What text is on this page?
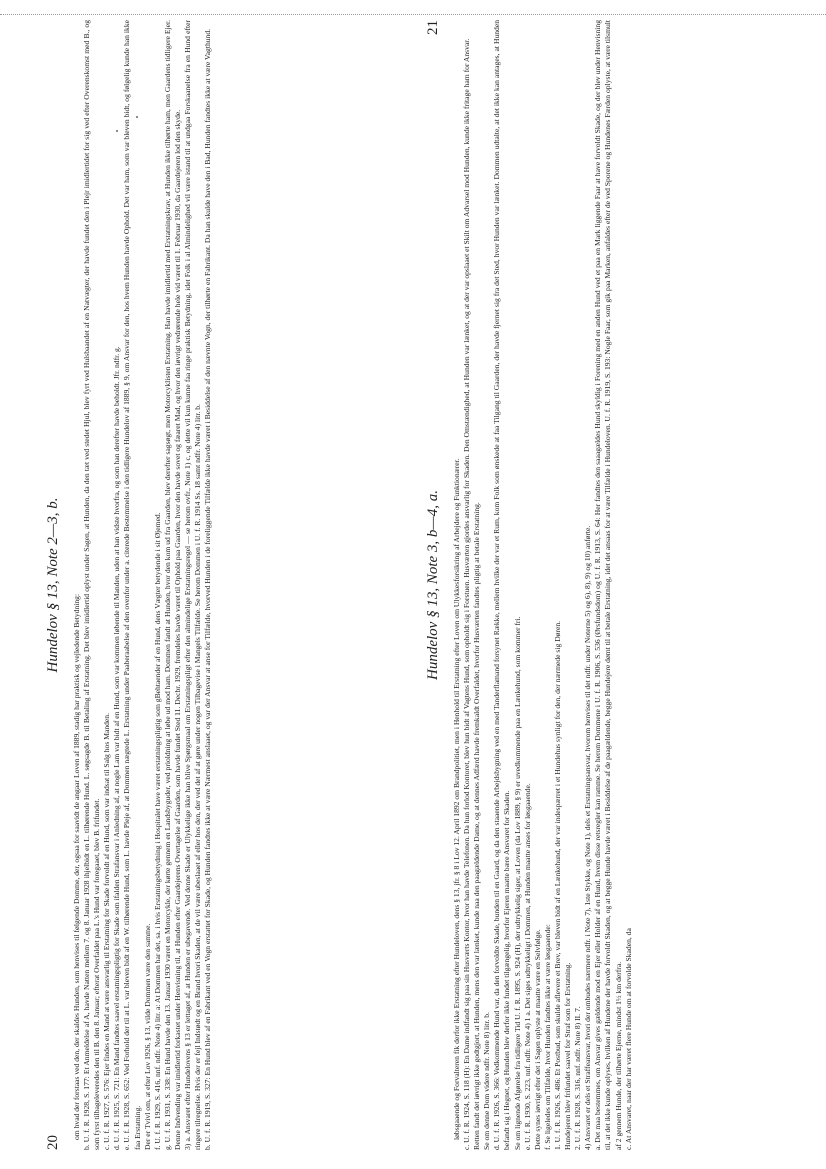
20
Hundelov § 13, Note 2—3, b.

om hvad der forstaas ved den, der skaldes Hunden, som henvises til følgende Domme, der, ogsaa for saavidt de angaar Loven af 1889, stadig har praktisk og vejledende Betydning: b. U. f. R. 1928, S. 177: Et Anmeldelse af A, havde Natten mellem 7. og 8. Januar 1928 ihjelbidt en L. tilhørende Hund. L. søgsagde B. til Betaling af Erstatning. Det blev imidlertid oplyst under Sagen, at Hunden, da den tæt ved stedet Hjul, blev fyrt ved Hulsbaandet af en Natvægter, der havde fundet den i Plejr imidlertidet for sig ved efter Overenskomst med B., og som fyrst tilbageleveredes den til B. den 8. Januar; efterat Overfaldet paa L.'s Hund var foregaaet, blev B. frifundet. c. U. f. R. 1927, S. 576: Ejer findes en Mand at være ansvarlig til Erstatning for Skade forvoldt af en Hund, som var indsat til Salg hos Manden. d. U. f. R. 1925, S. 721: En Mand fandtes saavel erstatningspligtig for Skade som ifalden Strafansvar i Anledning af, at nogle Lam var bidt af en Hund, som var kommen løbende til Manden, uden at han vidste hvorfra, og som han derefter havde beholdt. Jfr. ndfr. g. e. U. f. R. 1928, S. 652: Ved Forhold der til at L. var bleven bidt af en W. tilhørende Hund, som L. havde Pleje af, at Dommen nægtede L. Erstatning under Paaberaabelse af den ovenfor under a. citerede Bestemmelse i den tidligere Hundelov af 1889, § 9, om Ansvar for den, hos hvem Hunden havde Ophold. Det var ham, som var bleven bidt, og følgelig kunde han ikke faa Erstatning. Der er Tvivl om, at efter Lov 1926, § 13, vilde Dommen være den samme. f. U. f. R. 1929, S. 416, nnf. ndfr. Note 4) litr. a: At Dommen har det, sa. i hvis Erstatningsbetydning i Hospitalet have været erstatningspligtig som gBehtaender af en Hund, dens Vægter betydende i sit Øjemed. g. U. f. R. 1931, S. 338: En Hund havde den 13. Januar 1930 været en Motorcykle, der kørte gennem en Landsbyguder, ved prioldning at løbe ud mod ham. Dommen fandt at Hunden, hvor den kom ud fra Gaarden, blev derefter sagsøgt, men Motorcyklisten Erstatning. Han havde imidlertid med Erstatningskrav, at Hunden ikke tilhørte ham, men Gaardens tidligere Ejer. Denne Indvending var imidlertid forkastet under Henvisning til, at Hunden efter Gaardejerens Overtagelse af Gaarden, som havde fundet Sted 11. Decbr. 1929, fremdeles havde været til Ophold paa Gaarden, hvor den havde sovet og fæaret Mad, og hvor den iøvrigt vedrørende hele vid været til 1. Februar 1930, da Gaardejeren lod den skyde. 3) a. Ansvaret efter Hundelovens § 13 er lettaget af, at Hunden er ubegavende. Ved denne Skade er Ulykkelige ikke han blive Spørgsmaal om Erstatningspligt efter den almindelige Erstatningsregel — se herom ovfr., Note 1) c, og dette vil kun kunne faa ringe praktisk Betydning, idet Folk i al Almindelighed vil være istand til at undgaa Forskaanelse fra en Hund efter ringere tilregnelse. Hvis der er fejl Indstødt og en Brand hvori Skaden, at de vil være ubeslaaet af eller hos den, der ved det af at gøre under nogen Tilbagevise i Mangels Tilfælde. Se herom Dommen i U. f. R. 1914 Ss. 18 samt ndfr. Note 4) litr. b. b. U. f. R. 1919, S. 327: En Hund blev af en Fabrikant ved en Vogn erstattet for Skade, og Hunden fandtes ikke at være Nærmest anslaaet, og var der Ansvar at anse for Tilfælde, hvorved Hunden i de foreliggende Tilfælde ikke havde været i Besiddelse af den nævnte Vogn, der tilhørte en Fabrikant. Da han skulde have den i Bad, Hunden fandtes ikke at være Vagthund.	Hundelov § 13, Note 3, b—4, a.
21

løbsgaaende og Forvalteren fik derfor ikke Erstatning efter Hundeloven, dens § 13, jfr. § 8 i Lov 12. April 1892 om Brandpolitiet, men i Henhold til Erstatning efter Loven om Ulykkesforsikring af Arbejdere og Funktionærer. c. U. f. R. 1924, S. 118 (H): En Dame indfandt sig paa sin Husværts Kontor, hvor han havde Telefonen. Da hun forlod Kontoret, blev hun bidt af Vagtens Hund, som opholdt sig i Forstuen. Husværten gjordes ansvarlig for Skaden. Den Omstændighed, at Hunden var lænket, og at der var opslaaet et Skilt om Advarsel mod Hunden, kunde ikke fritage ham for Ansvar. Retten fandt det iøvrigt ikke godtgjort, at Hunden, mens den var lænket, kunde naa den paagældende Dame, og at dennes Adfærd havde fremkaldt Overfaldet, hvorfor Husværten fandtes pligtig at betale Erstatning. Se om denne Dom videre ndfr. Note 8) litr. b. d. U. f. R. 1926, S. 366: Vedkommende Hund var, da den forvoldte Skade, bunden til en Gaard, og da den staaende Arbejdsbygning ved en med Tanderflamand forsynet Række, mellem hvilke der var et Rum, kom Folk som ønskede at faa Tilgang til Gaarden, der havde fjernet sig fra det Sted, hvor Hunden var lænket. Dommen udtalte, at det ikke kan antages, at Hunden befandt sig i Hegnet, og Hunden blev derfor ikke fundet tilgængelig, hvorfor Ejeren maatte bære Ansvaret for Skaden. Se om lignende Afgørelse fra tidligere Tid U. f. R. 1895, S. 924 (H), der udtrykkelig siger, at Loven (da Lov 1889, § 9) er uvedkommende paa en Lænkehund, som kommer fri. e. U. f. R. 1930, S. 223, nnf. ndfr. Note 4) 1 a. Det siges udtrykkeligt i Dommen, at Hunden maatte anses for løsgaaende. Dette synes iøvrigt efter det i Sagen oplyste at maatte være en Selvfølge. f. Se ligeledes om Tilfælde, hvor Hunden fandtes ikke at være løsgaaende: 1. U. f. R. 1926, S. 486: Et Postbud, som skulde aflevere et Brev, var bleven bidt af en Lænkehund, der var indespærret i et Hundehus synligt for den, der nærmede sig Døren. Hundejeren blev frifundet saavel for Straf som for Erstatning. 2. U. f. R. 1928, S. 316, nnf. ndfr. Note 8) II. 7. 4) Ansvaret er dels et Straffeansvar, hvori der ombudes nærmere ndfr. i Note 7), 1ste Stykke, og Note 1), dels et Erstatningsansvar, hvorom henvises til det ndfr. under Noterne 5) og 6), 8), 9) og 10) anførte. a. Det maa bestemmes, om Ansvar gives gældende mod en Ejer eller Holder af en Hund, hvem disse retsregler kan ramme. Se herom Dommene i U. f. R. 1906, S. 536 (Ørsfundsdom) og U. f. R. 1913, S. 64: Her fandtes den saaagældes Hund skyldig i Forening med en anden Hund ved et paa en Mark liggende Faar at have forvoldt Skade, og der blev under Henvisning til, at det ikke kunde oplyses, hvilken af Hundene der havde forvoldt Skaden, og at begge Hunde havde været i Besiddelse af de paagældende, begge Hundejere dømt til at betale Erstatning, idet det ansaas for at være Tilfælde i Hundeloven. U. f. R. 1919, S. 193: Nogle Faar, som gik paa Marken, anfaldes efter de ved Sporene og Hundenes Færden oplyste, at være tilsmult af 2 gennem Hunde, der tilhørte Ejerne, mindst 1½ km derfra. c. At Ansvaret, naar der har været flere Hunde om at forvolde Skaden, da
